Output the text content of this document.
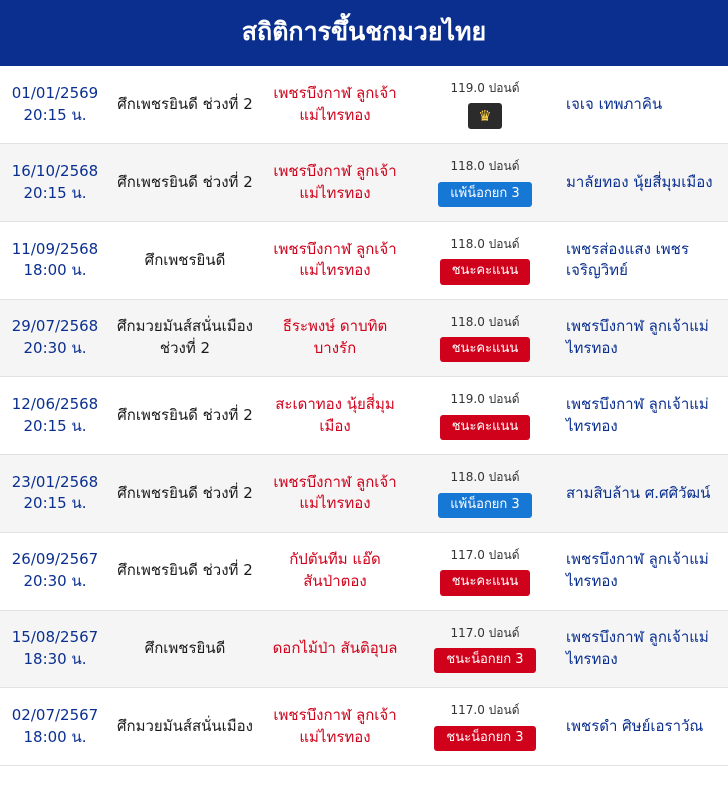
สถิติการขึ้นชกมวยไทย
01/01/2569
20:15 น.	ศึกเพชรยินดี ช่วงที่ 2	เพชรบึงกาฬ ลูกเจ้าแม่ไทรทอง	119.0 ปอนด์
♛	เจเจ เทพภาคิน

16/10/2568
20:15 น.	ศึกเพชรยินดี ช่วงที่ 2	เพชรบึงกาฬ ลูกเจ้าแม่ไทรทอง	118.0 ปอนด์
แพ้น็อกยก 3	มาลัยทอง นุ้ยสี่มุมเมือง

11/09/2568
18:00 น.	ศึกเพชรยินดี	เพชรบึงกาฬ ลูกเจ้าแม่ไทรทอง	118.0 ปอนด์
ชนะคะแนน	เพชรส่องแสง เพชรเจริญวิทย์

29/07/2568
20:30 น.	ศึกมวยมันส์สนั่นเมือง ช่วงที่ 2	ธีระพงษ์ ดาบทิตบางรัก	118.0 ปอนด์
ชนะคะแนน	เพชรบึงกาฬ ลูกเจ้าแม่ไทรทอง

12/06/2568
20:15 น.	ศึกเพชรยินดี ช่วงที่ 2	สะเดาทอง นุ้ยสี่มุมเมือง	119.0 ปอนด์
ชนะคะแนน	เพชรบึงกาฬ ลูกเจ้าแม่ไทรทอง

23/01/2568
20:15 น.	ศึกเพชรยินดี ช่วงที่ 2	เพชรบึงกาฬ ลูกเจ้าแม่ไทรทอง	118.0 ปอนด์
แพ้น็อกยก 3	สามสิบล้าน ศ.ศศิวัฒน์

26/09/2567
20:30 น.	ศึกเพชรยินดี ช่วงที่ 2	กัปตันทีม แอ๊ดสันป่าตอง	117.0 ปอนด์
ชนะคะแนน	เพชรบึงกาฬ ลูกเจ้าแม่ไทรทอง

15/08/2567
18:30 น.	ศึกเพชรยินดี	ดอกไม้ป่า สันติอุบล	117.0 ปอนด์
ชนะน็อกยก 3	เพชรบึงกาฬ ลูกเจ้าแม่ไทรทอง

02/07/2567
18:00 น.	ศึกมวยมันส์สนั่นเมือง	เพชรบึงกาฬ ลูกเจ้าแม่ไทรทอง	117.0 ปอนด์
ชนะน็อกยก 3	เพชรดำ ศิษย์เอราวัณ
